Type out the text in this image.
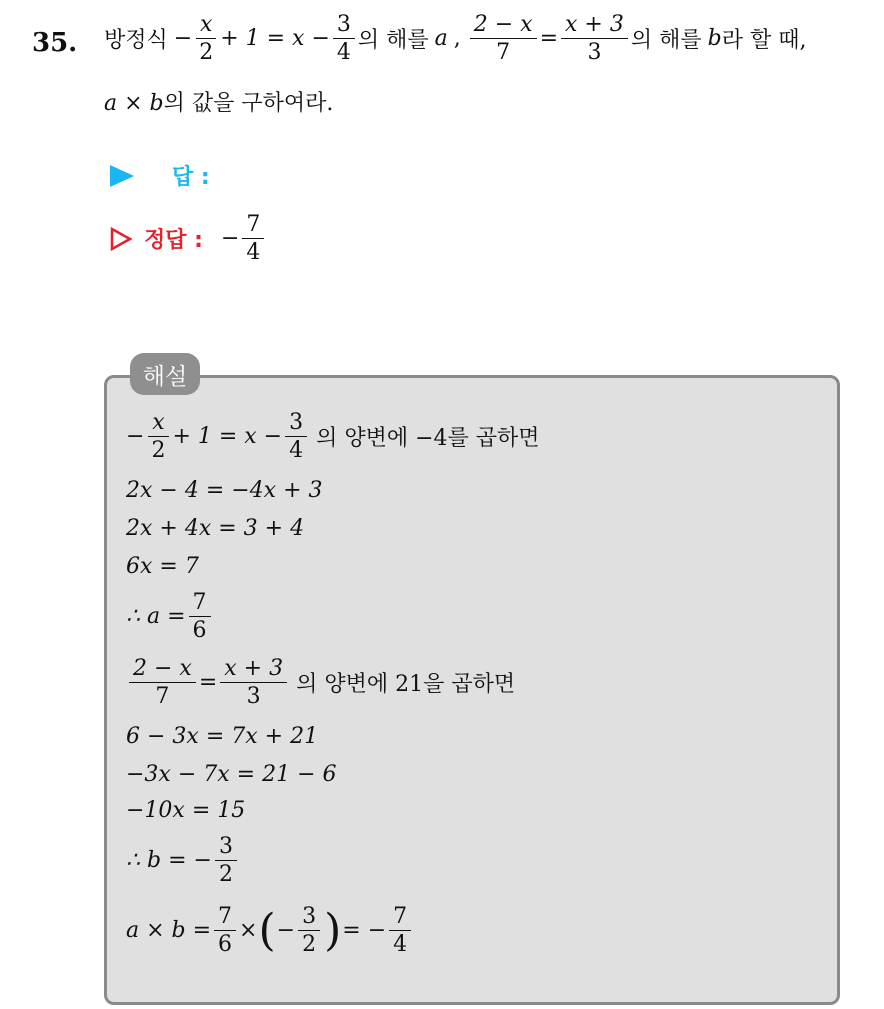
35. 방정식 − $\frac{x}{2} + 1 = x - \frac{3}{4}$ 의 해를 a , $\frac{2 - x}{7} = \frac{x + 3}{3}$ 의 해를 b 라 할 때,
a × b의 값을 구하여라.
답 :
정답 : − $\frac{7}{4}$
해설
− $\frac{x}{2} + 1 = x - \frac{3}{4}$ 의 양변에 −4를 곱하면
2x − 4 = −4x + 3
2x + 4x = 3 + 4
6x = 7
∴ $a = \frac{7}{6}$
$\frac{2 - x}{7} = \frac{x + 3}{3}$ 의 양변에 21을 곱하면
6 − 3x = 7x + 21
−3x − 7x = 21 − 6
−10x = 15
∴ b = − $\frac{3}{2}$
$a \times b = \frac{7}{6}$ × ( − $\frac{3}{2}$ ) = − $\frac{7}{4}$
